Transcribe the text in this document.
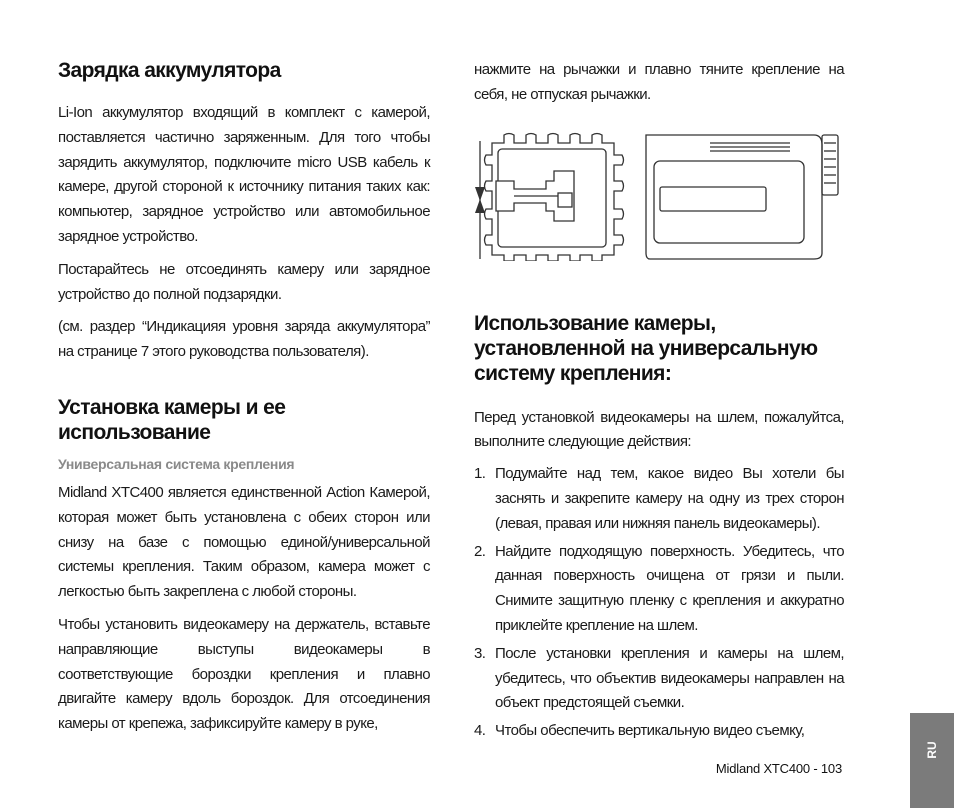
Зарядка аккумулятора

Li-Ion аккумулятор входящий в комплект с камерой, поставляется частично заряженным. Для того чтобы зарядить аккумулятор, подключите micro USB кабель к камере, другой стороной к источнику питания таких как: компьютер, зарядное устройство или автомобильное зарядное устройство.

Постарайтесь не отсоединять камеру или зарядное устройство до полной подзарядки.

(см. раздер “Индикацияя уровня заряда аккумулятора” на странице 7 этого руководства пользователя).

Установка камеры и ее использование
Универсальная система крепления

Midland XTC400 является единственной Action Камерой, которая может быть установлена с обеих сторон или снизу на базе с помощью единой/универсальной системы крепления. Таким образом, камера может с легкостью быть закреплена с любой стороны.

Чтобы установить видеокамеру на держатель, вставьте направляющие выступы видеокамеры в соответствующие бороздки крепления и плавно двигайте камеру вдоль бороздок. Для отсоединения камеры от крепежа, зафиксируйте камеру в руке,

нажмите на рычажки и плавно тяните крепление на себя, не отпуская рычажки.

Использование камеры, установленной на универсальную систему крепления:

Перед установкой видеокамеры на шлем, пожалуйтса, выполните следующие действия:

1. Подумайте над тем, какое видео Вы хотели бы заснять и закрепите камеру на одну из трех сторон (левая, правая или нижняя панель видеокамеры).
2. Найдите подходящую поверхность. Убедитесь, что данная поверхность очищена от грязи и пыли. Снимите защитную пленку с крепления и аккуратно приклейте крепление на шлем.
3. После установки крепления и камеры на шлем, убедитесь, что объектив видеокамеры направлен на объект предстоящей съемки.
4. Чтобы обеспечить вертикальную видео съемку,
Midland XTC400 - 103
RU
